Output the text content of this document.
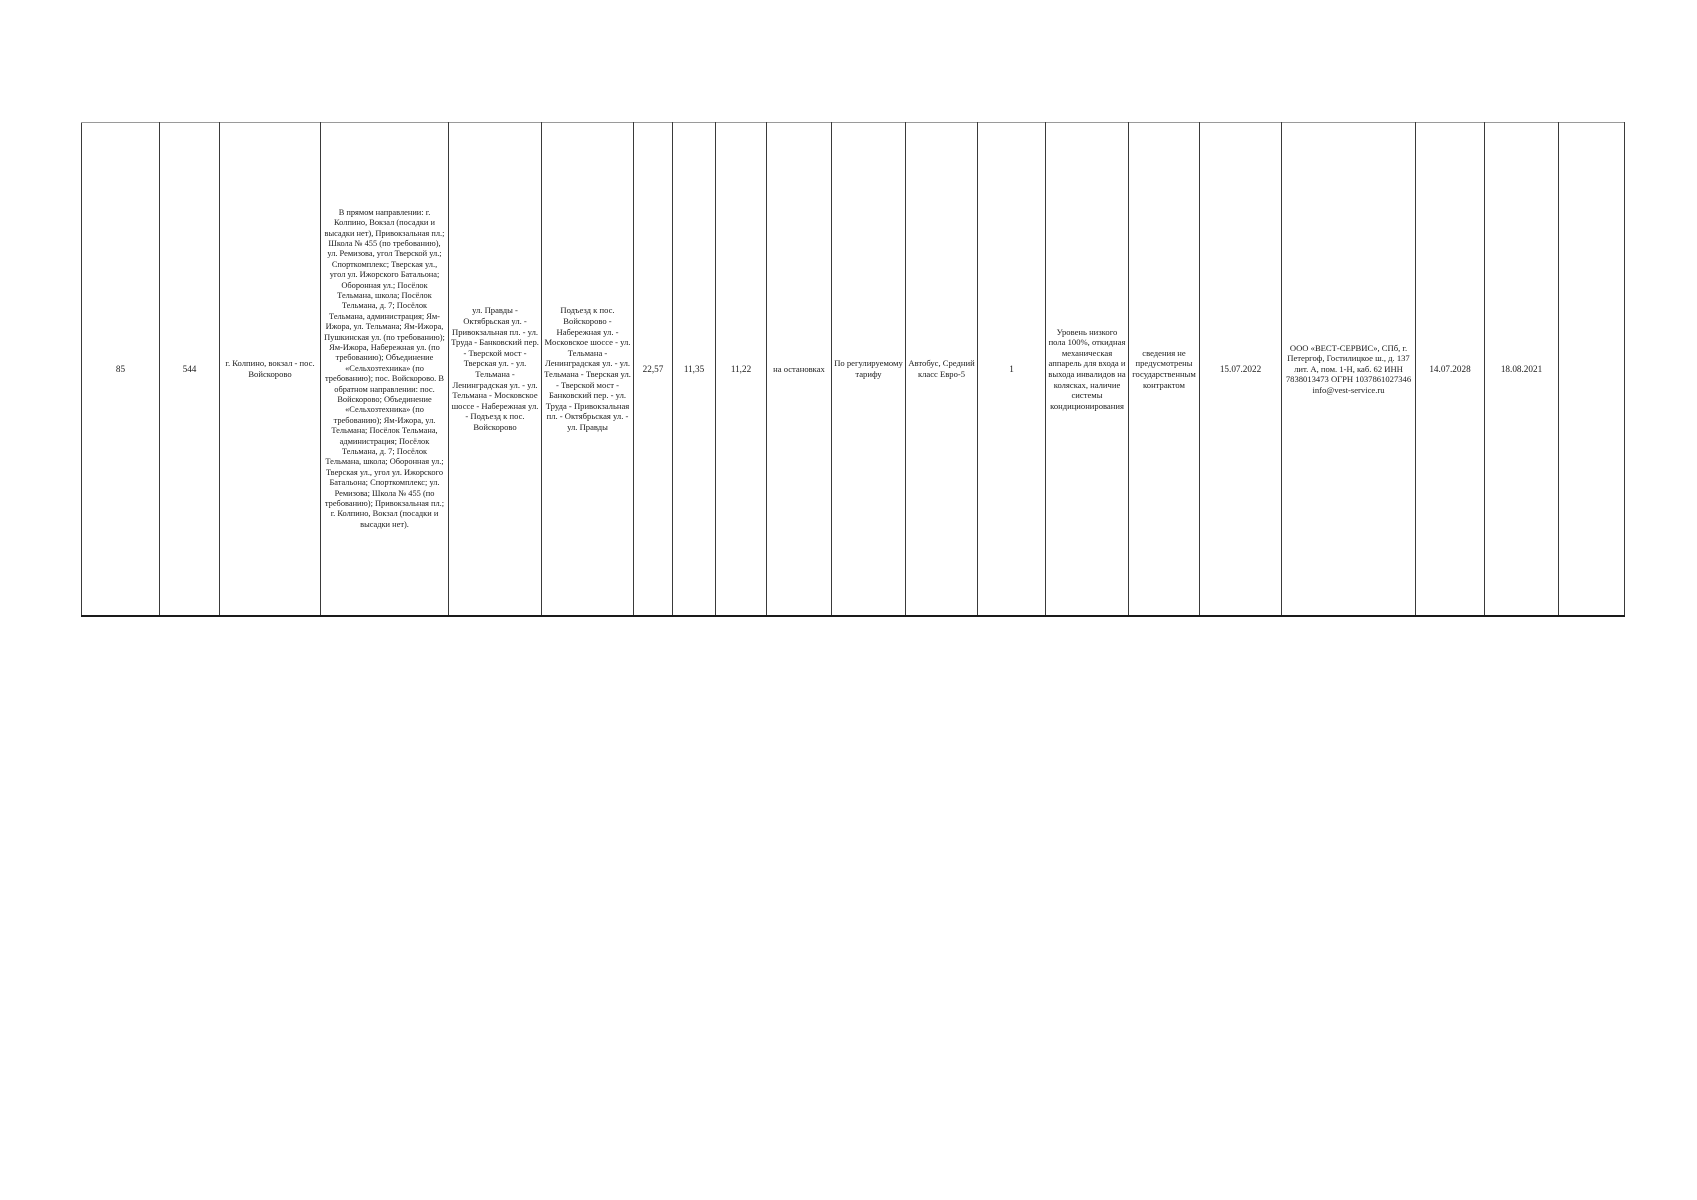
85	544	г. Колпино, вокзал - пос. Войскорово	В прямом направлении: г. Колпино, Вокзал (посадки и высадки нет), Привокзальная пл.; Школа № 455 (по требованию), ул. Ремизова, угол Тверской ул.; Спорткомплекс; Тверская ул., угол ул. Ижорского Батальона; Оборонная ул.; Посёлок Тельмана, школа; Посёлок Тельмана, д. 7; Посёлок Тельмана, администрация; Ям-Ижора, ул. Тельмана; Ям-Ижора, Пушкинская ул. (по требованию); Ям-Ижора, Набережная ул. (по требованию); Объединение «Сельхозтехника» (по требованию); пос. Войскорово. В обратном направлении: пос. Войскорово; Объединение «Сельхозтехника» (по требованию); Ям-Ижора, ул. Тельмана; Посёлок Тельмана, администрация; Посёлок Тельмана, д. 7; Посёлок Тельмана, школа; Оборонная ул.; Тверская ул., угол ул. Ижорского Батальона; Спорткомплекс; ул. Ремизова; Школа № 455 (по требованию); Привокзальная пл.; г. Колпино, Вокзал (посадки и высадки нет).	ул. Правды - Октябрьская ул. - Привокзальная пл. - ул. Труда - Банковский пер. - Тверской мост - Тверская ул. - ул. Тельмана - Ленинградская ул. - ул. Тельмана - Московское шоссе - Набережная ул. - Подъезд к пос. Войскорово	Подъезд к пос. Войскорово - Набережная ул. - Московское шоссе - ул. Тельмана - Ленинградская ул. - ул. Тельмана - Тверская ул. - Тверской мост - Банковский пер. - ул. Труда - Привокзальная пл. - Октябрьская ул. - ул. Правды	22,57	11,35	11,22	на остановках	По регулируемому тарифу	Автобус, Средний класс Евро-5	1	Уровень низкого пола 100%, откидная механическая аппарель для входа и выхода инвалидов на колясках, наличие системы кондиционирования	сведения не предусмотрены государственным контрактом	15.07.2022	ООО «ВЕСТ-СЕРВИС», СПб, г. Петергоф, Гостилицкое ш., д. 137 лит. А, пом. 1-Н, каб. 62 ИНН 7838013473 ОГРН 1037861027346 info@vest-service.ru	14.07.2028	18.08.2021	
